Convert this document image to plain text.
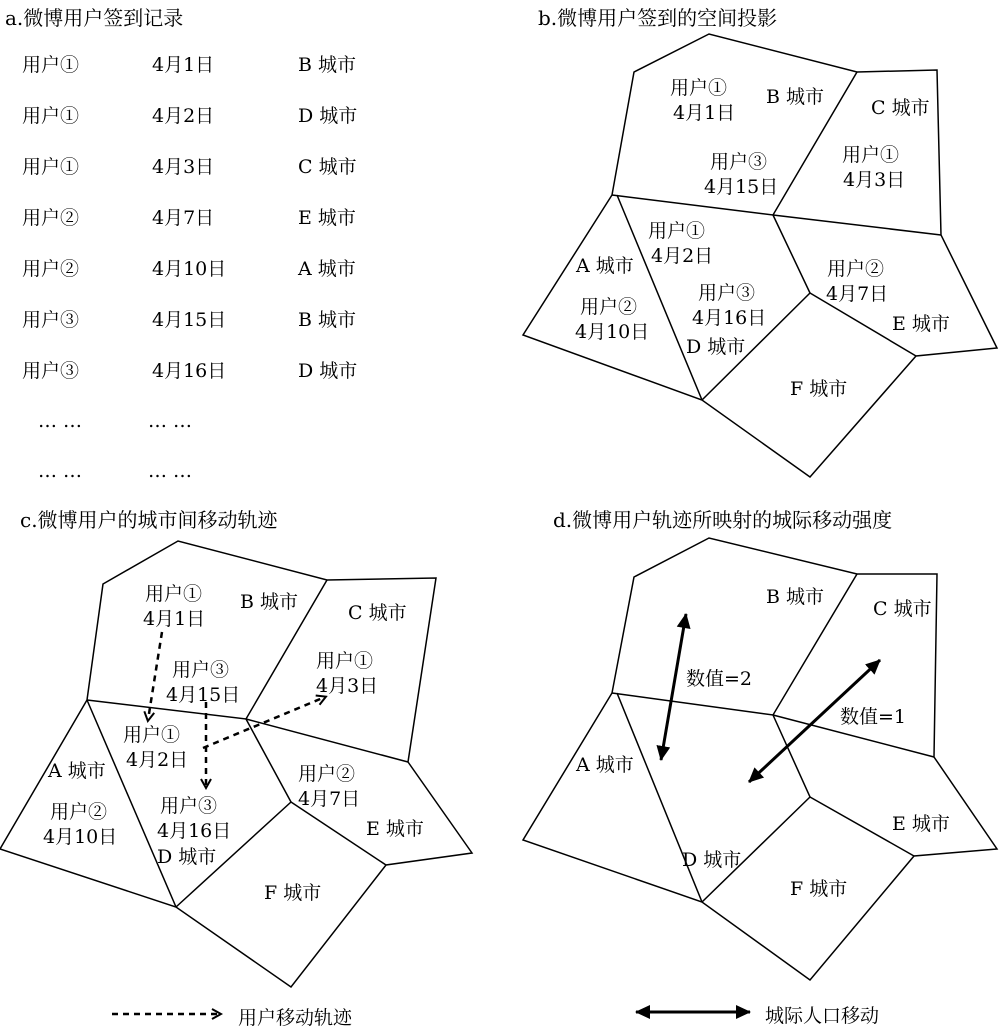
a.微博用户签到记录	b.微博用户签到的空间投影
c.微博用户的城市间移动轨迹	d.微博用户轨迹所映射的城际移动强度
用户①	4月1日	B 城市
用户①	4月2日	D 城市
用户①	4月3日	C 城市
用户②	4月7日	E 城市
用户②	4月10日	A 城市
用户③	4月15日	B 城市
用户③	4月16日	D 城市
… …	… …
… …	… …
用户①
4月1日
B 城市 C 城市
用户①
4月3日
用户③
4月15日
用户①
4月2日
A 城市
用户②
4月10日
用户③
4月16日
D 城市
用户②
4月7日
E 城市
F 城市
用户①
4月1日
B 城市	C 城市
用户①
4月3日
用户③
4月15日
用户①
4月2日
A 城市
用户②
4月10日
用户③
4月16日
D 城市
用户②
4月7日
E 城市
F 城市
B 城市
C 城市
数值=2
数值=1
A 城市
E 城市
D 城市
F 城市
用户移动轨迹	城际人口移动
